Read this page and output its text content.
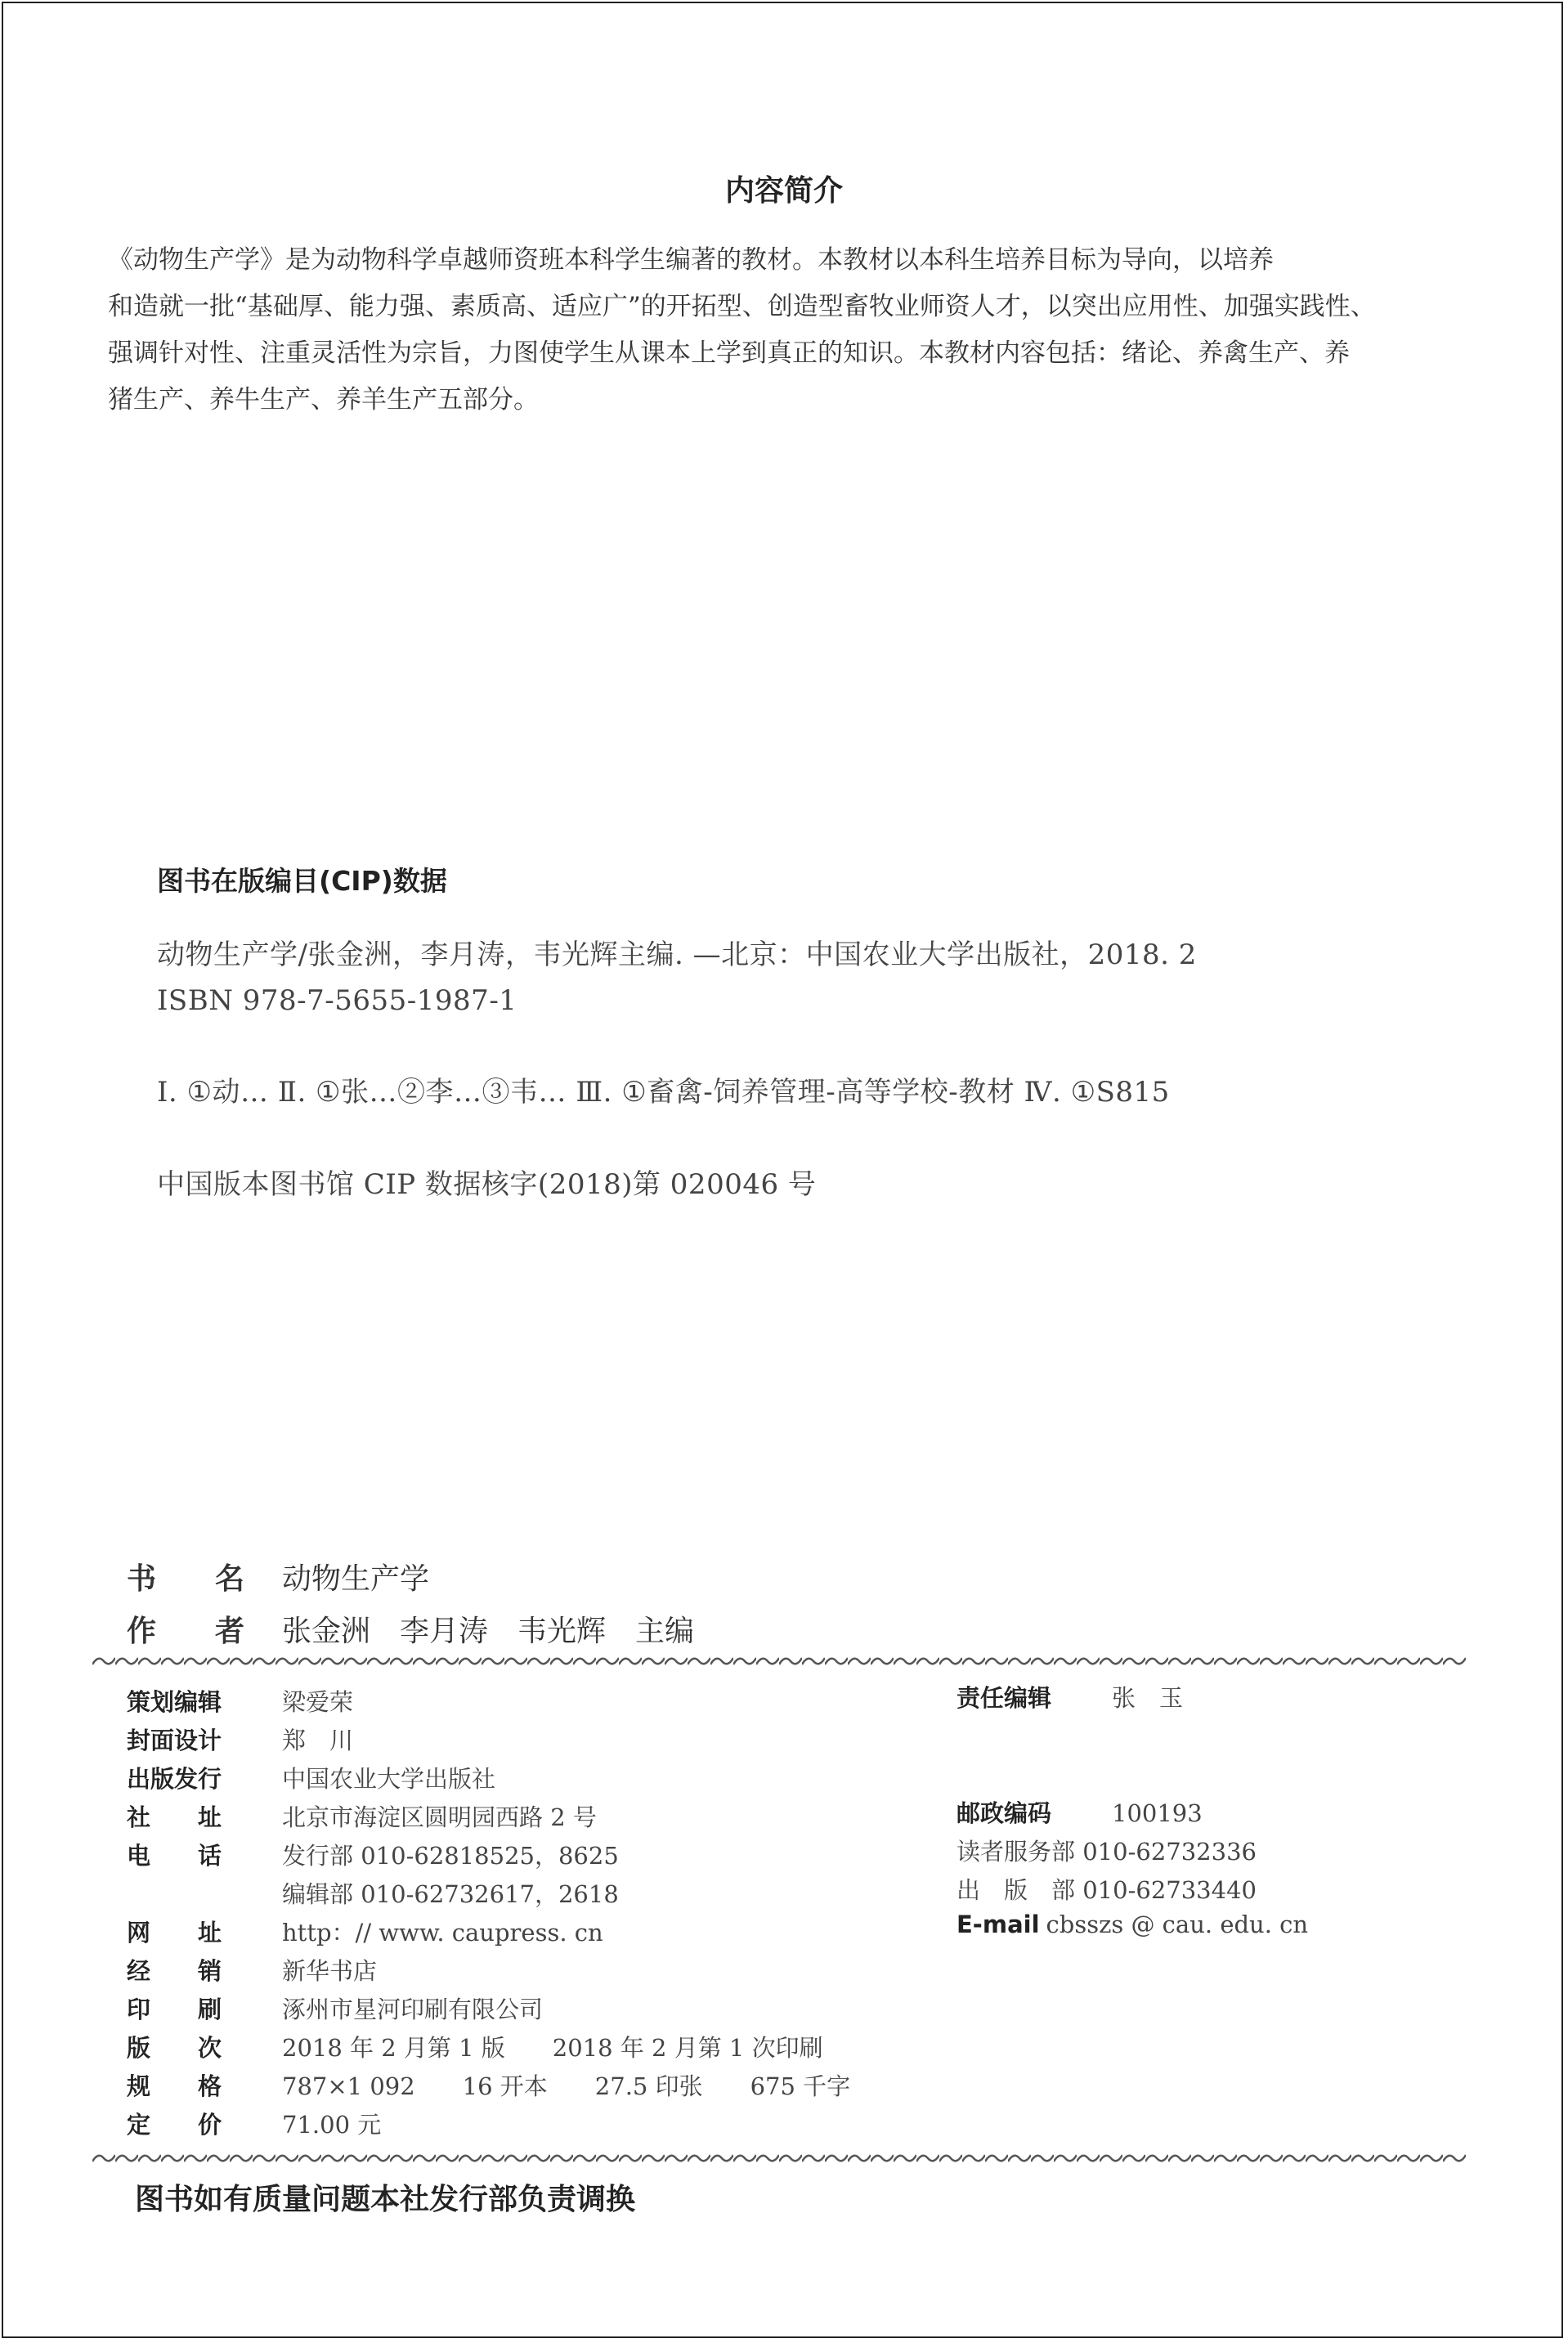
内容简介
《动物生产学》是为动物科学卓越师资班本科学生编著的教材。本教材以本科生培养目标为导向，以培养
和造就一批“基础厚、能力强、素质高、适应广”的开拓型、创造型畜牧业师资人才，以突出应用性、加强实践性、
强调针对性、注重灵活性为宗旨，力图使学生从课本上学到真正的知识。本教材内容包括：绪论、养禽生产、养
猪生产、养牛生产、养羊生产五部分。
图书在版编目(CIP)数据
动物生产学/张金洲，李月涛，韦光辉主编. —北京：中国农业大学出版社，2018. 2
ISBN 978-7-5655-1987-1
Ⅰ. ①动… Ⅱ. ①张…②李…③韦… Ⅲ. ①畜禽-饲养管理-高等学校-教材 Ⅳ. ①S815
中国版本图书馆 CIP 数据核字(2018)第 020046 号
书　　名 动物生产学
作　　者 张金洲　李月涛　韦光辉　主编
策划编辑	梁爱荣	责任编辑	张　玉
封面设计	郑　川
出版发行	中国农业大学出版社
社　　址	北京市海淀区圆明园西路 2 号	邮政编码	100193
电　　话	发行部 010-62818525，8625
编辑部 010-62732617，2618
读者服务部 010-62732336
出　版　部 010-62733440
网　　址	http：// www. caupress. cn	E-mail cbsszs @ cau. edu. cn
经　　销	新华书店
印　　刷	涿州市星河印刷有限公司
版　　次	2018 年 2 月第 1 版　　2018 年 2 月第 1 次印刷
规　　格	787×1 092　　16 开本　　27.5 印张　　675 千字
定　　价	71.00 元
图书如有质量问题本社发行部负责调换
